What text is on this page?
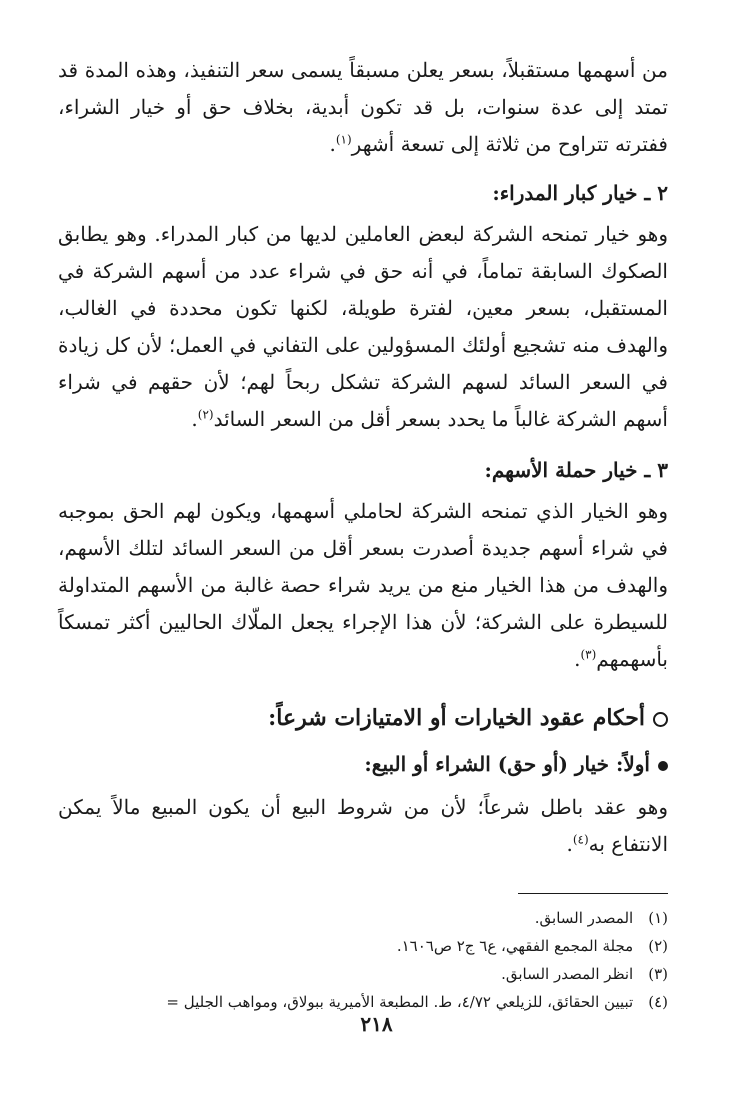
من أسهمها مستقبلاً، بسعر يعلن مسبقاً يسمى سعر التنفيذ، وهذه المدة قد تمتد إلى عدة سنوات، بل قد تكون أبدية، بخلاف حق أو خيار الشراء، ففترته تتراوح من ثلاثة إلى تسعة أشهر$^{(١)}$.

٢ ـ خيار كبار المدراء:

وهو خيار تمنحه الشركة لبعض العاملين لديها من كبار المدراء. وهو يطابق الصكوك السابقة تماماً، في أنه حق في شراء عدد من أسهم الشركة في المستقبل، بسعر معين، لفترة طويلة، لكنها تكون محددة في الغالب، والهدف منه تشجيع أولئك المسؤولين على التفاني في العمل؛ لأن كل زيادة في السعر السائد لسهم الشركة تشكل ربحاً لهم؛ لأن حقهم في شراء أسهم الشركة غالباً ما يحدد بسعر أقل من السعر السائد$^{(٢)}$.

٣ ـ خيار حملة الأسهم:

وهو الخيار الذي تمنحه الشركة لحاملي أسهمها، ويكون لهم الحق بموجبه في شراء أسهم جديدة أصدرت بسعر أقل من السعر السائد لتلك الأسهم، والهدف من هذا الخيار منع من يريد شراء حصة غالبة من الأسهم المتداولة للسيطرة على الشركة؛ لأن هذا الإجراء يجعل الملّاك الحاليين أكثر تمسكاً بأسهمهم$^{(٣)}$.

أحكام عقود الخيارات أو الامتيازات شرعاً:
أولاً: خيار (أو حق) الشراء أو البيع:

وهو عقد باطل شرعاً؛ لأن من شروط البيع أن يكون المبيع مالاً يمكن الانتفاع به$^{(٤)}$.

(١) المصدر السابق.

(٢) مجلة المجمع الفقهي، ع٦ ج٢ ص١٦٠٦.

(٣) انظر المصدر السابق.

(٤) تبيين الحقائق، للزيلعي ٤/٧٢، ط. المطبعة الأميرية ببولاق، ومواهب الجليل =

٢١٨
